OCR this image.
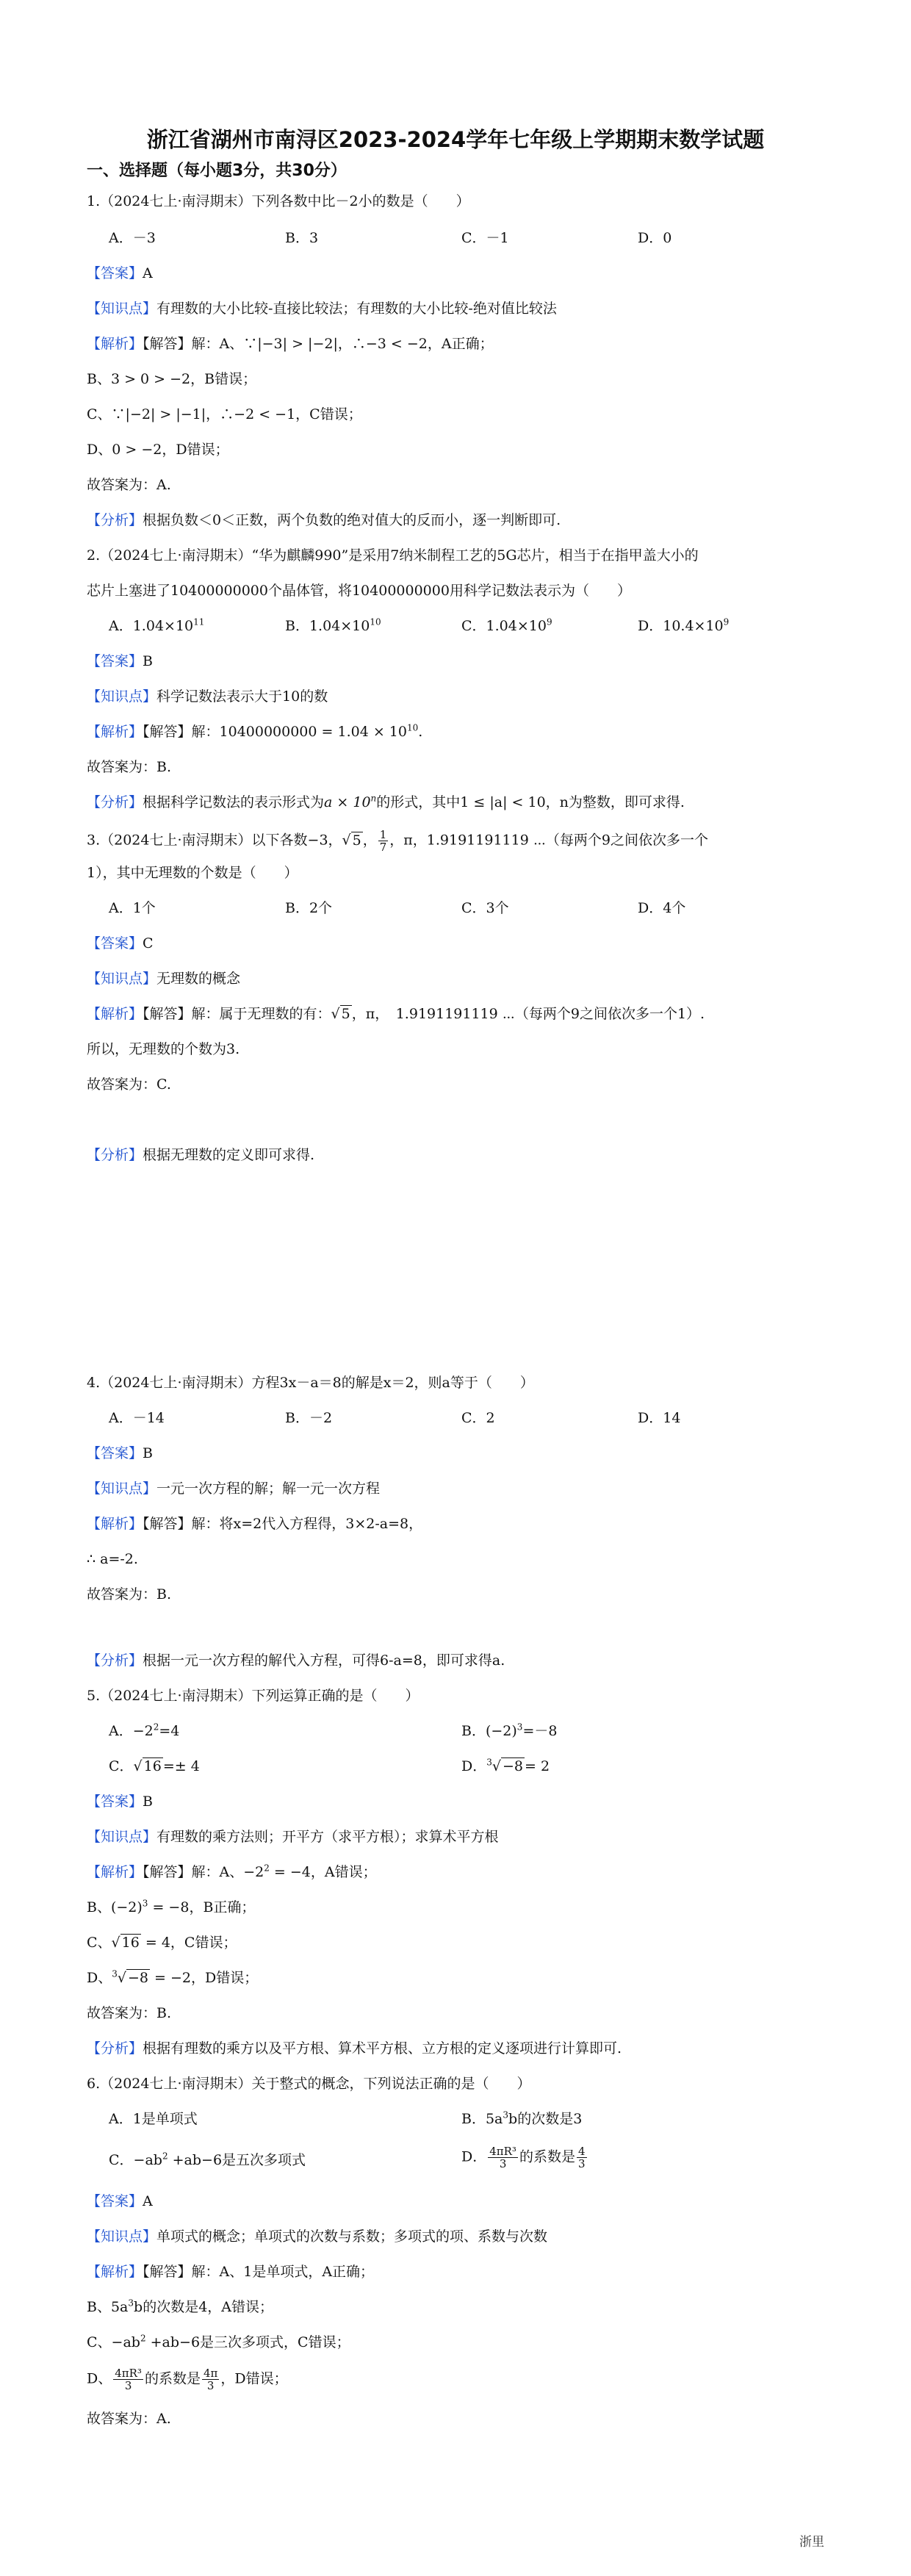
浙江省湖州市南浔区2023-2024学年七年级上学期期末数学试题
一、选择题（每小题3分，共30分）
1.（2024七上·南浔期末）下列各数中比－2小的数是（　　）
A．－3	B．3	C．－1	D．0
【答案】A
【知识点】有理数的大小比较-直接比较法；有理数的大小比较-绝对值比较法
【解析】【解答】解：A、∵|−3| > |−2|，∴−3 < −2，A正确；
B、3 > 0 > −2，B错误；
C、∵|−2| > |−1|，∴−2 < −1，C错误；
D、0 > −2，D错误；
故答案为：A.
【分析】根据负数＜0＜正数，两个负数的绝对值大的反而小，逐一判断即可.
2.（2024七上·南浔期末）“华为麒麟990”是采用7纳米制程工艺的5G芯片，相当于在指甲盖大小的
芯片上塞进了10400000000个晶体管，将10400000000用科学记数法表示为（　　）
A．$1.04\times 10^{11}$	B．$1.04\times 10^{10}$	C．$1.04\times 10^9$	D．$10.4\times 10^9$
【答案】B
【知识点】科学记数法表示大于10的数
【解析】【解答】解：$10400000000 = 1.04 \times 10^{10}$.
故答案为：B.
【分析】根据科学记数法的表示形式为$a \times 10^n$的形式，其中1 ≤ |a| < 10，n为整数，即可求得.
3.（2024七上·南浔期末）以下各数−3，√ 5 ， $\frac{1}{7}$ ，π，1.9191191119 ⋯（每两个9之间依次多一个
1），其中无理数的个数是（　　）
A．1个	B．2个	C．3个	D．4个
【答案】C
【知识点】无理数的概念
【解析】【解答】解：属于无理数的有：√ 5 ，π，　1.9191191119 ⋯（每两个9之间依次多一个1）.
所以，无理数的个数为3.
故答案为：C.
【分析】根据无理数的定义即可求得.
4.（2024七上·南浔期末）方程3x－a＝8的解是x＝2，则a等于（　　）
A．－14	B．－2	C．2	D．14
【答案】B
【知识点】一元一次方程的解；解一元一次方程
【解析】【解答】解：将x=2代入方程得，3×2-a=8，
∴ a=-2.
故答案为：B.
【分析】根据一元一次方程的解代入方程，可得6-a=8，即可求得a.
5.（2024七上·南浔期末）下列运算正确的是（　　）
A．$-2^2=4$	B．$(-2)^3=-8$
C．√ 16 =± 4	D．$^3$√ −8 = 2
【答案】B
【知识点】有理数的乘方法则；开平方（求平方根）；求算术平方根
【解析】【解答】解：A、$-2^2 = -4$，A错误；
B、$(-2)^3 = -8$，B正确；
C、√ 16 = 4，C错误；
D、$^3$√ −8 = −2，D错误；
故答案为：B.
【分析】根据有理数的乘方以及平方根、算术平方根、立方根的定义逐项进行计算即可.
6.（2024七上·南浔期末）关于整式的概念，下列说法正确的是（　　）
A．1是单项式	B．$5a^3b$的次数是3
C．$-ab^2 +ab-6$是五次多项式	D． $\frac{\text{4πR³}}{3}$ 的系数是 $\frac{4}{3}$
【答案】A
【知识点】单项式的概念；单项式的次数与系数；多项式的项、系数与次数
【解析】【解答】解：A、1是单项式，A正确；
B、$5a^3b$的次数是4，A错误；
C、$-ab^2 +ab-6$是三次多项式，C错误；
D、 $\frac{\text{4πR³}}{3}$ 的系数是 $\frac{4\pi}{3}$ ，D错误；
故答案为：A.
浙里
